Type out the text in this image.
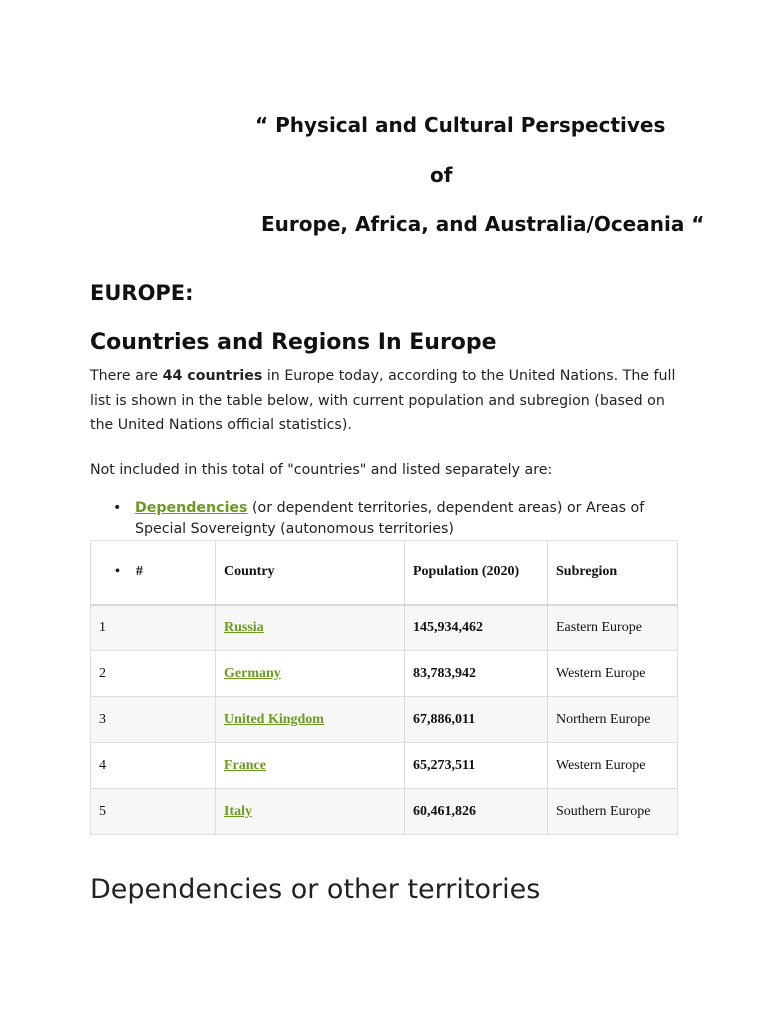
“ Physical and Cultural Perspectives
of
Europe, Africa, and Australia/Oceania “
EUROPE:
Countries and Regions In Europe
There are 44 countries in Europe today, according to the United Nations. The full list is shown in the table below, with current population and subregion (based on the United Nations official statistics).
Not included in this total of "countries" and listed separately are:
• Dependencies (or dependent territories, dependent areas) or Areas of Special Sovereignty (autonomous territories)
• #	Country	Population (2020)	Subregion
1	Russia	145,934,462	Eastern Europe
2	Germany	83,783,942	Western Europe
3	United Kingdom	67,886,011	Northern Europe
4	France	65,273,511	Western Europe
5	Italy	60,461,826	Southern Europe
Dependencies or other territories
